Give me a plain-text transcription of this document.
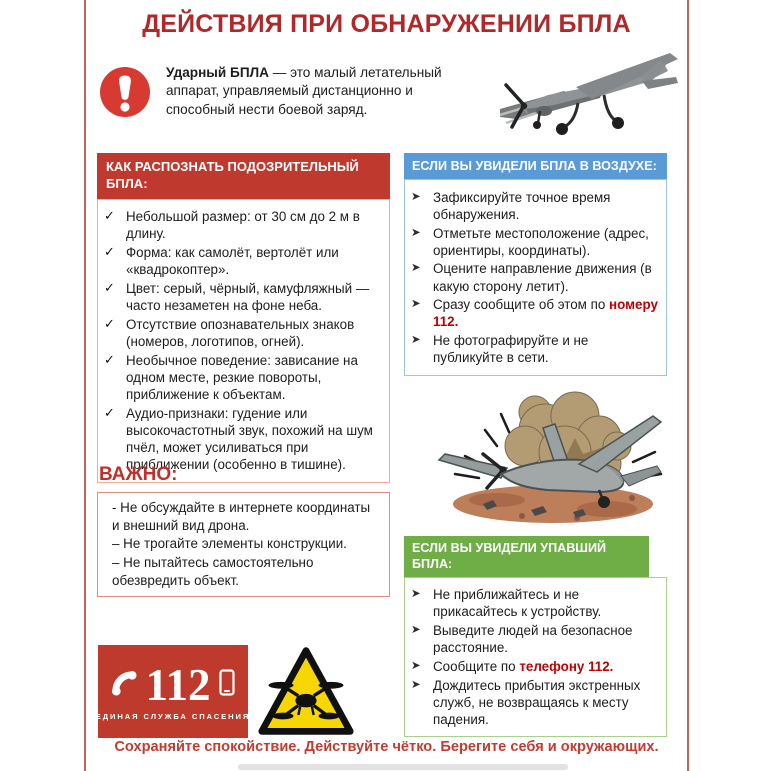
ДЕЙСТВИЯ ПРИ ОБНАРУЖЕНИИ БПЛА

Ударный БПЛА — это малый летательный аппарат, управляемый дистанционно и способный нести боевой заряд.

КАК РАСПОЗНАТЬ ПОДОЗРИТЕЛЬНЫЙ БПЛА:
✓ Небольшой размер: от 30 см до 2 м в длину.
✓ Форма: как самолёт, вертолёт или «квадрокоптер».
✓ Цвет: серый, чёрный, камуфляжный — часто незаметен на фоне неба.
✓ Отсутствие опознавательных знаков (номеров, логотипов, огней).
✓ Необычное поведение: зависание на одном месте, резкие повороты, приближение к объектам.
✓ Аудио-признаки: гудение или высокочастотный звук, похожий на шум пчёл, может усиливаться при приближении (особенно в тишине).
ВАЖНО:
- Не обсуждайте в интернете координаты и внешний вид дрона.
– Не трогайте элементы конструкции.
– Не пытайтесь самостоятельно обезвредить объект.
ЕСЛИ ВЫ УВИДЕЛИ БПЛА В ВОЗДУХЕ:
➤ Зафиксируйте точное время обнаружения.
➤ Отметьте местоположение (адрес, ориентиры, координаты).
➤ Оцените направление движения (в какую сторону летит).
➤ Сразу сообщите об этом по номеру 112.
➤ Не фотографируйте и не публикуйте в сети.
ЕСЛИ ВЫ УВИДЕЛИ УПАВШИЙ БПЛА:
➤ Не приближайтесь и не прикасайтесь к устройству.
➤ Выведите людей на безопасное расстояние.
➤ Сообщите по телефону 112.
➤ Дождитесь прибытия экстренных служб, не возвращаясь к месту падения.
112
ЕДИНАЯ СЛУЖБА СПАСЕНИЯ
Сохраняйте спокойствие. Действуйте чётко. Берегите себя и окружающих.
